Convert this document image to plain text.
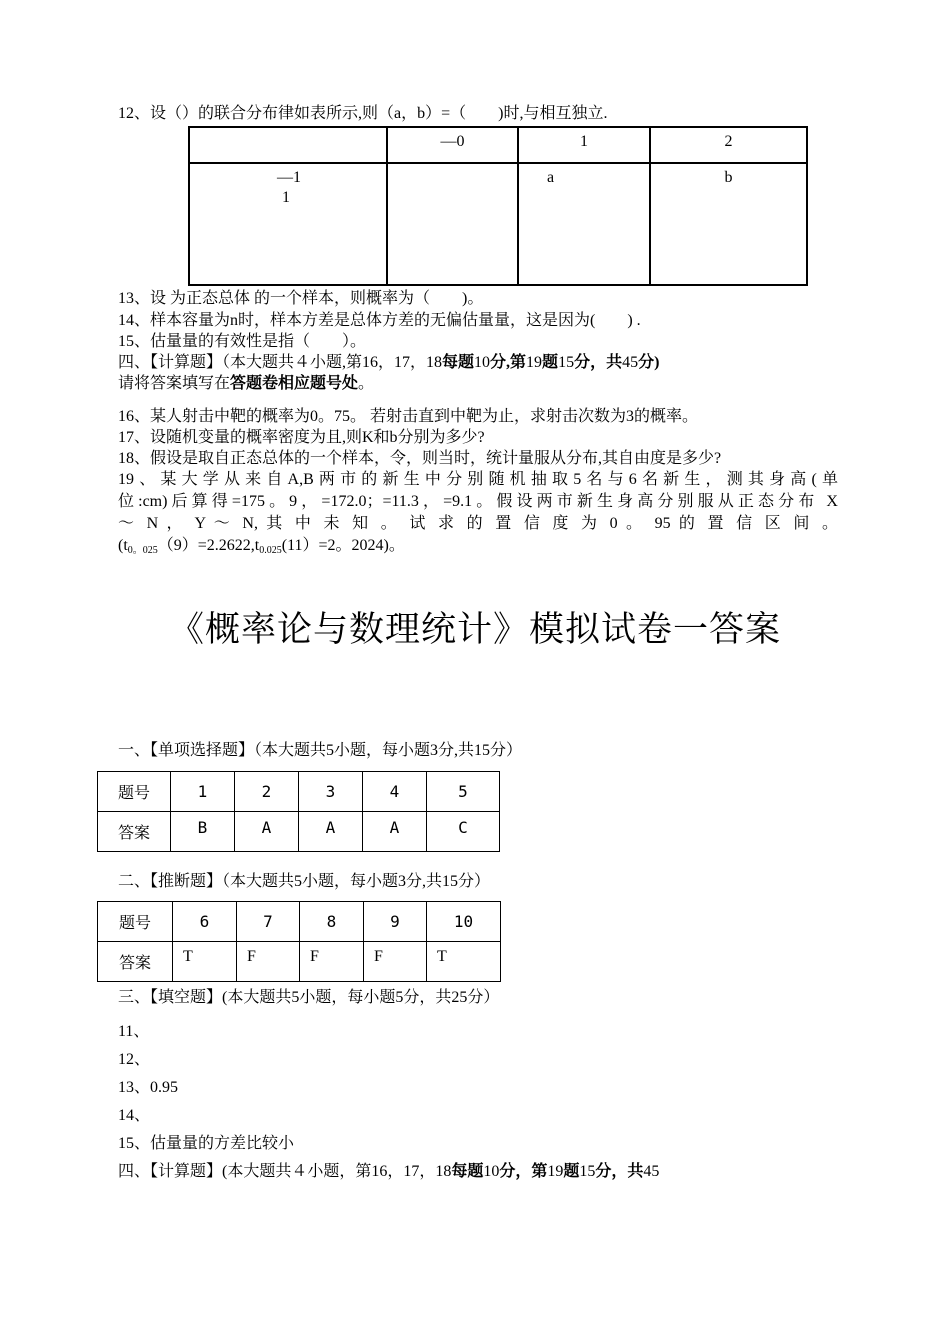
12、设（）的联合分布律如表所示,则（a，b）=（　　)时,与相互独立.
	—0	1	2

—1
1		a	b
13、设 为正态总体 的一个样本，则概率为（　　)。
14、样本容量为n时，样本方差是总体方差的无偏估量量，这是因为(　　) .
15、估量量的有效性是指（　　）。
四、【计算题】（本大题共４小题,第16，17，18每题10分,第19题15分，共45分)
请将答案填写在答题卷相应题号处。
16、某人射击中靶的概率为0。75。 若射击直到中靶为止，求射击次数为3的概率。
17、设随机变量的概率密度为且,则K和b分别为多少?
18、假设是取自正态总体的一个样本，令，则当时，统计量服从分布,其自由度是多少?
19、某大学从来自A,B两市的新生中分别随机抽取5名与6名新生，测其身高(单
位:cm)后算得=175。9，=172.0；=11.3，=9.1。假设两市新生身高分别服从正态分布 X
～ N ， Y ～ N, 其 中 未 知 。 试 求 的 置 信 度 为 0 。 95 的 置 信 区 间 。
($t_{0。025}(9)=2.2622,t_{0.025}(11)=2$。2024)。
《概率论与数理统计》模拟试卷一答案
一、【单项选择题】（本大题共5小题，每小题3分,共15分）
题号	1	2	3	4	5
答案	B	A	A	A	C
二、【推断题】（本大题共5小题，每小题3分,共15分）
题号	6	7	8	9	10
答案	T	F	F	F	T
三、【填空题】(本大题共5小题，每小题5分，共25分）
11、
12、
13、0.95
14、
15、估量量的方差比较小
四、【计算题】(本大题共４小题，第16，17，18每题10分，第19题15分，共45
